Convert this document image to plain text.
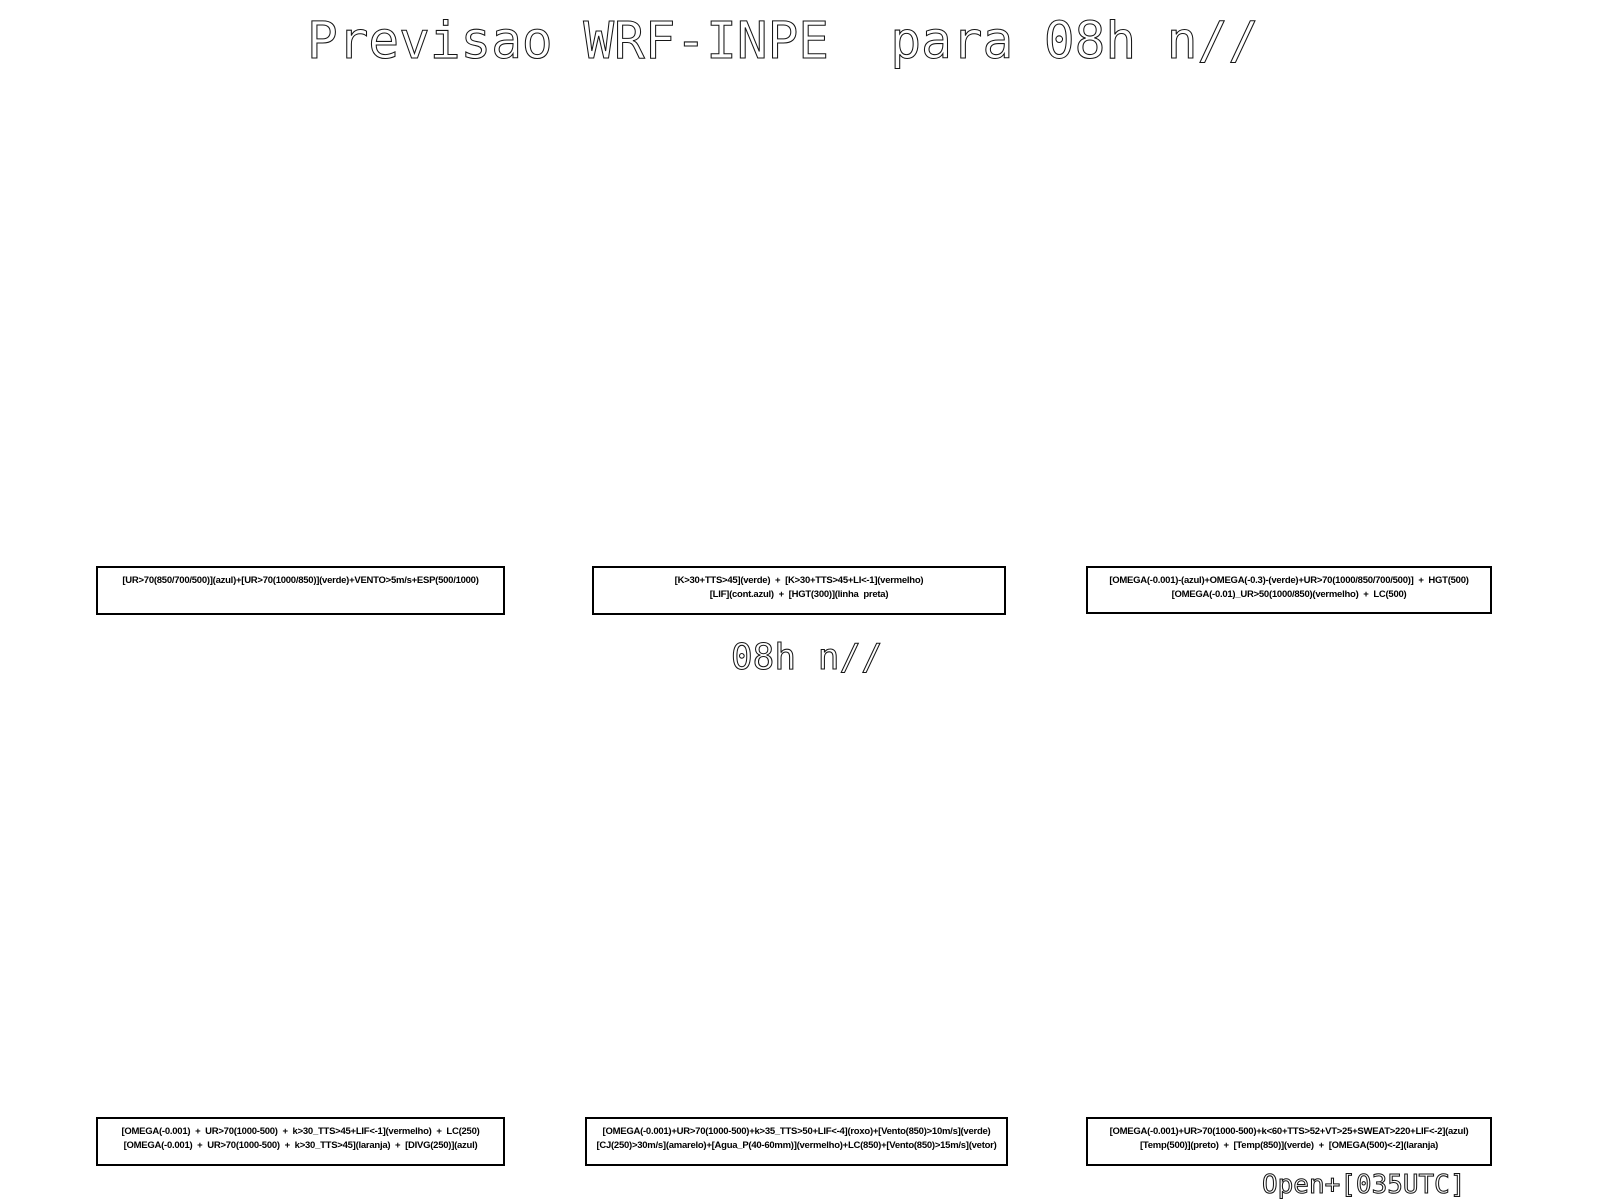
Previsao WRF-INPE  para 08h n//
[UR>70(850/700/500)](azul)+[UR>70(1000/850)](verde)+VENTO>5m/s+ESP(500/1000)	[K>30+TTS>45](verde)  +  [K>30+TTS>45+LI<-1](vermelho)
[LIF](cont.azul)  +  [HGT(300)](linha  preta)
[OMEGA(-0.001)-(azul)+OMEGA(-0.3)-(verde)+UR>70(1000/850/700/500)]  +  HGT(500)
[OMEGA(-0.01)_UR>50(1000/850)(vermelho)  +  LC(500)
08h n//
[OMEGA(-0.001)  +  UR>70(1000-500)  +  k>30_TTS>45+LIF<-1](vermelho)  +  LC(250)
[OMEGA(-0.001)  +  UR>70(1000-500)  +  k>30_TTS>45](laranja)  +  [DIVG(250)](azul)
[OMEGA(-0.001)+UR>70(1000-500)+k>35_TTS>50+LIF<-4](roxo)+[Vento(850)>10m/s](verde)
[CJ(250)>30m/s](amarelo)+[Agua_P(40-60mm)](vermelho)+LC(850)+[Vento(850)>15m/s](vetor)
[OMEGA(-0.001)+UR>70(1000-500)+k<60+TTS>52+VT>25+SWEAT>220+LIF<-2](azul)
[Temp(500)](preto)  +  [Temp(850)](verde)  +  [OMEGA(500)<-2](laranja)
Open+[035UTC]
